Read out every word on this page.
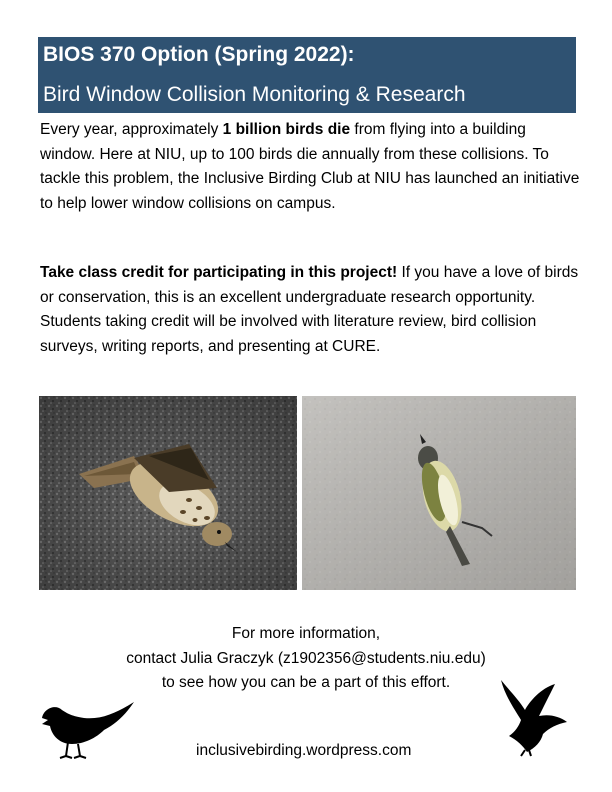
BIOS 370 Option (Spring 2022):
Bird Window Collision Monitoring & Research

Every year, approximately 1 billion birds die from flying into a building window. Here at NIU, up to 100 birds die annually from these collisions. To tackle this problem, the Inclusive Birding Club at NIU has launched an initiative to help lower window collisions on campus.

Take class credit for participating in this project! If you have a love of birds or conservation, this is an excellent undergraduate research opportunity. Students taking credit will be involved with literature review, bird collision surveys, writing reports, and presenting at CURE.

For more information,
contact Julia Graczyk (z1902356@students.niu.edu)
to see how you can be a part of this effort.
inclusivebirding.wordpress.com
